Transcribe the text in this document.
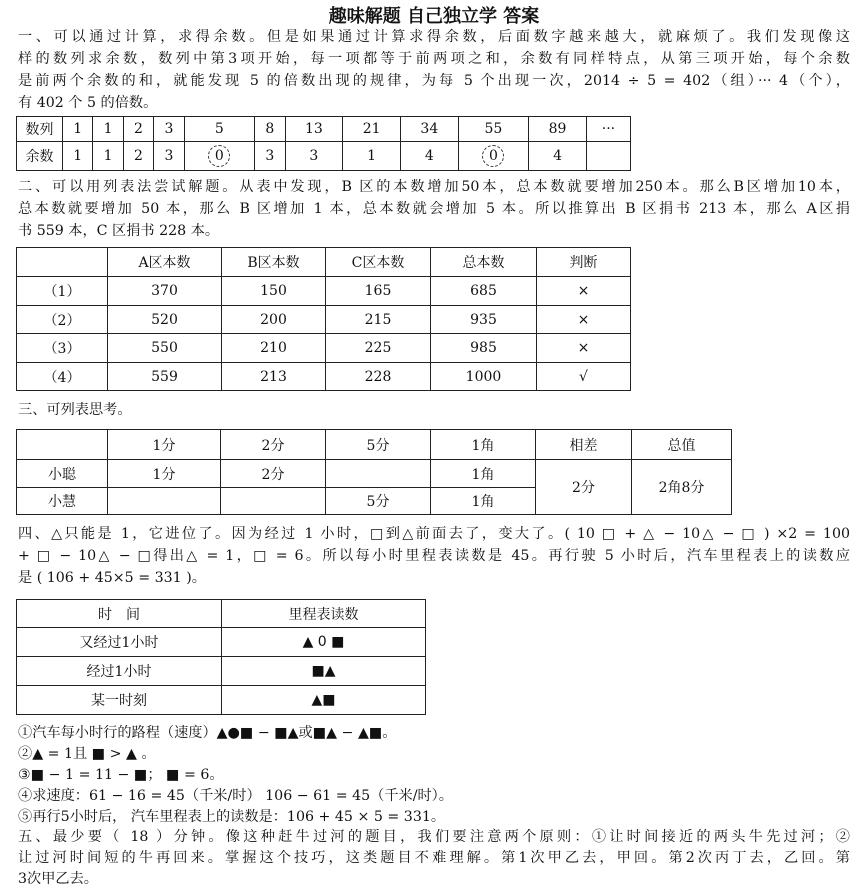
趣味解题 自己独立学 答案
一、可以通过计算，求得余数。但是如果通过计算求得余数，后面数字越来越大，就麻烦了。我们发现像这
样的数列求余数，数列中第3项开始，每一项都等于前两项之和，余数有同样特点，从第三项开始，每个余数
是前两个余数的和，就能发现 5 的倍数出现的规律，为每 5 个出现一次，2014 ÷ 5 = 402（组）··· 4（个），
有 402 个 5 的倍数。
数列	1	1	2	3	5	8	13	21	34	55	89	···
余数	1	1	2	3	0	3	3	1	4	0	4	
二、可以用列表法尝试解题。从表中发现，B 区的本数增加50本，总本数就要增加250本。那么B区增加10本，
总本数就要增加 50 本，那么 B 区增加 1 本，总本数就会增加 5 本。所以推算出 B 区捐书 213 本，那么 A区捐
书 559 本，C 区捐书 228 本。
	A区本数	B区本数	C区本数	总本数	判断
（1）	370	150	165	685	×
（2）	520	200	215	935	×
（3）	550	210	225	985	×
（4）	559	213	228	1000	√
三、可列表思考。
	1分	2分	5分	1角	相差	总值
小聪	1分	2分		1角	2分	2角8分
小慧			5分	1角		
四、△只能是 1，它进位了。因为经过 1 小时，□到△前面去了，变大了。( 10 □ + △ − 10△ − □ ) ×2 = 100
+ □ − 10△ − □得出△ = 1，□ = 6。所以每小时里程表读数是 45。再行驶 5 小时后，汽车里程表上的读数应
是 ( 106 + 45×5 = 331 )。
时　间	里程表读数
又经过1小时	▲ 0 ■
经过1小时	■▲
某一时刻	▲■
①汽车每小时行的路程（速度）▲●■ − ■▲或■▲ − ▲■。
②▲ = 1且 ■ > ▲ 。
③■ − 1 = 11 − ■； ■ = 6。
④求速度：61 − 16 = 45（千米/时） 106 − 61 = 45（千米/时）。
⑤再行5小时后， 汽车里程表上的读数是：106 + 45 × 5 = 331。
五、最少要（ 18 ）分钟。像这种赶牛过河的题目，我们要注意两个原则：①让时间接近的两头牛先过河；②
让过河时间短的牛再回来。掌握这个技巧，这类题目不难理解。第1次甲乙去，甲回。第2次丙丁去，乙回。第
3次甲乙去。
